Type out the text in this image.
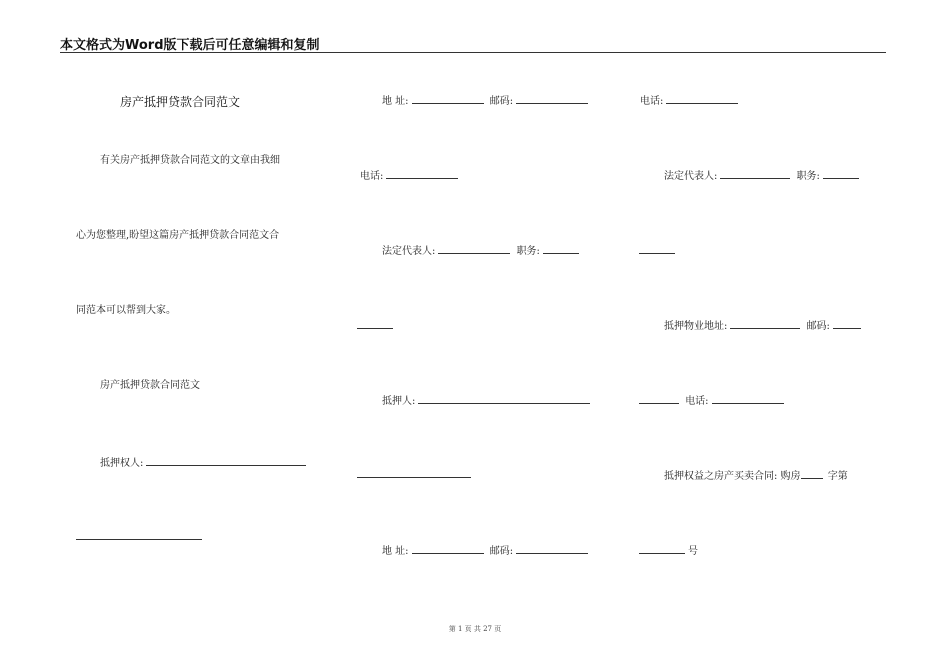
本文格式为Word版下载后可任意编辑和复制
房产抵押贷款合同范文
有关房产抵押贷款合同范文的文章由我细
心为您整理,盼望这篇房产抵押贷款合同范文合
同范本可以帮到大家。
房产抵押贷款合同范文
抵押权人:
地 址:	邮码:
电话:
法定代表人:	职务:
抵押人:
地 址:	邮码:
电话:
法定代表人:	职务:
抵押物业地址:	邮码:
电话:
抵押权益之房产买卖合同: 购房	字第
号
第 1 页 共 27 页
